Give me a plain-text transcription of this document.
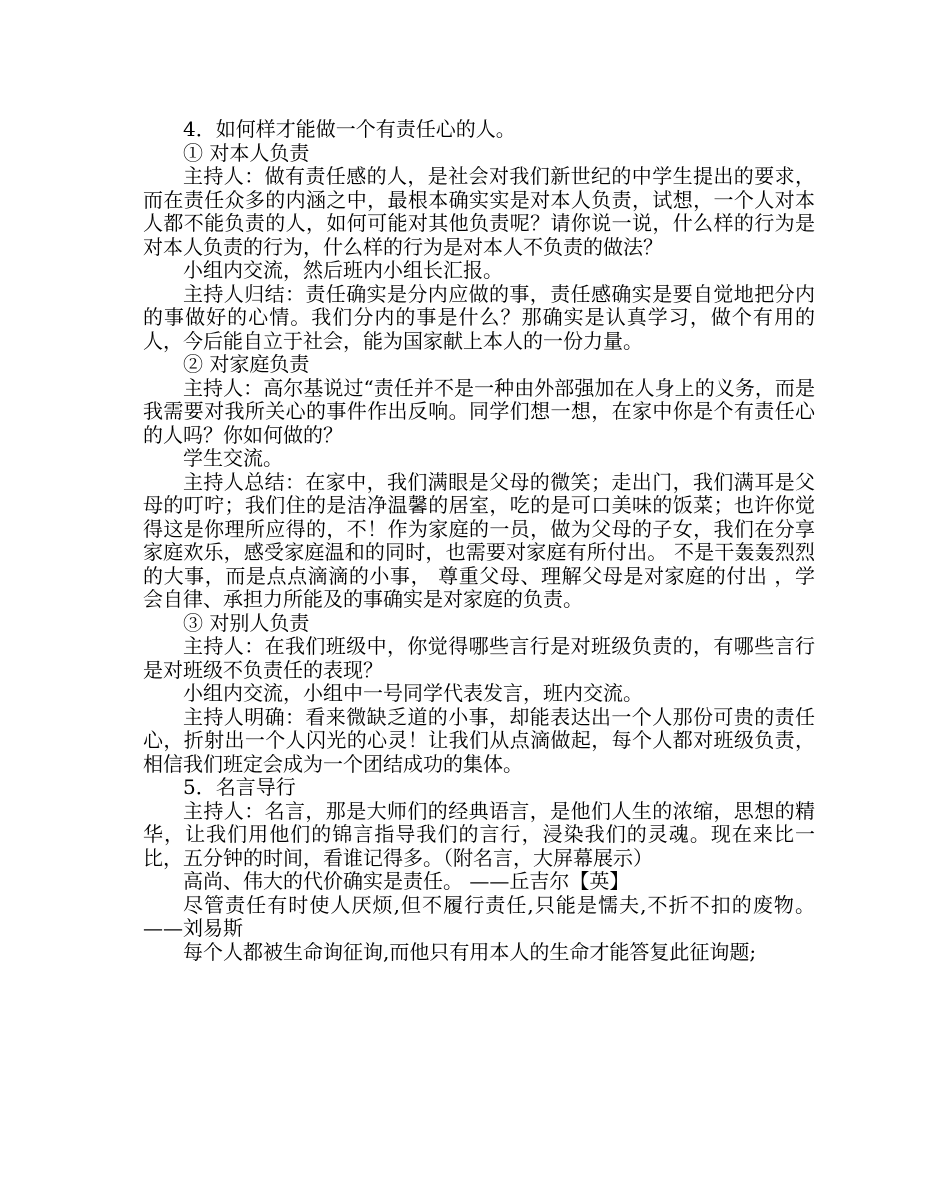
4．如何样才能做一个有责任心的人。

① 对本人负责

主持人：做有责任感的人，是社会对我们新世纪的中学生提出的要求，而在责任众多的内涵之中，最根本确实实是对本人负责，试想，一个人对本人都不能负责的人，如何可能对其他负责呢？请你说一说，什么样的行为是对本人负责的行为，什么样的行为是对本人不负责的做法？

小组内交流，然后班内小组长汇报。

主持人归结：责任确实是分内应做的事，责任感确实是要自觉地把分内的事做好的心情。我们分内的事是什么？那确实是认真学习，做个有用的人，今后能自立于社会，能为国家献上本人的一份力量。

② 对家庭负责

主持人：高尔基说过“责任并不是一种由外部强加在人身上的义务，而是我需要对我所关心的事件作出反响。同学们想一想，在家中你是个有责任心的人吗？你如何做的？

学生交流。

主持人总结：在家中，我们满眼是父母的微笑；走出门，我们满耳是父母的叮咛；我们住的是洁净温馨的居室，吃的是可口美味的饭菜；也许你觉得这是你理所应得的，不！作为家庭的一员，做为父母的子女，我们在分享家庭欢乐，感受家庭温和的同时，也需要对家庭有所付出。 不是干轰轰烈烈的大事，而是点点滴滴的小事， 尊重父母、理解父母是对家庭的付出 ，学会自律、承担力所能及的事确实是对家庭的负责。

③ 对别人负责

主持人：在我们班级中，你觉得哪些言行是对班级负责的，有哪些言行是对班级不负责任的表现？

小组内交流，小组中一号同学代表发言，班内交流。

主持人明确：看来微缺乏道的小事，却能表达出一个人那份可贵的责任心，折射出一个人闪光的心灵！让我们从点滴做起，每个人都对班级负责，相信我们班定会成为一个团结成功的集体。

5．名言导行

主持人：名言，那是大师们的经典语言，是他们人生的浓缩，思想的精华，让我们用他们的锦言指导我们的言行，浸染我们的灵魂。现在来比一比，五分钟的时间，看谁记得多。（附名言，大屏幕展示）

高尚、伟大的代价确实是责任。 ——丘吉尔【英】

尽管责任有时使人厌烦,但不履行责任,只能是懦夫,不折不扣的废物。 ——刘易斯

每个人都被生命询征询,而他只有用本人的生命才能答复此征询题;
